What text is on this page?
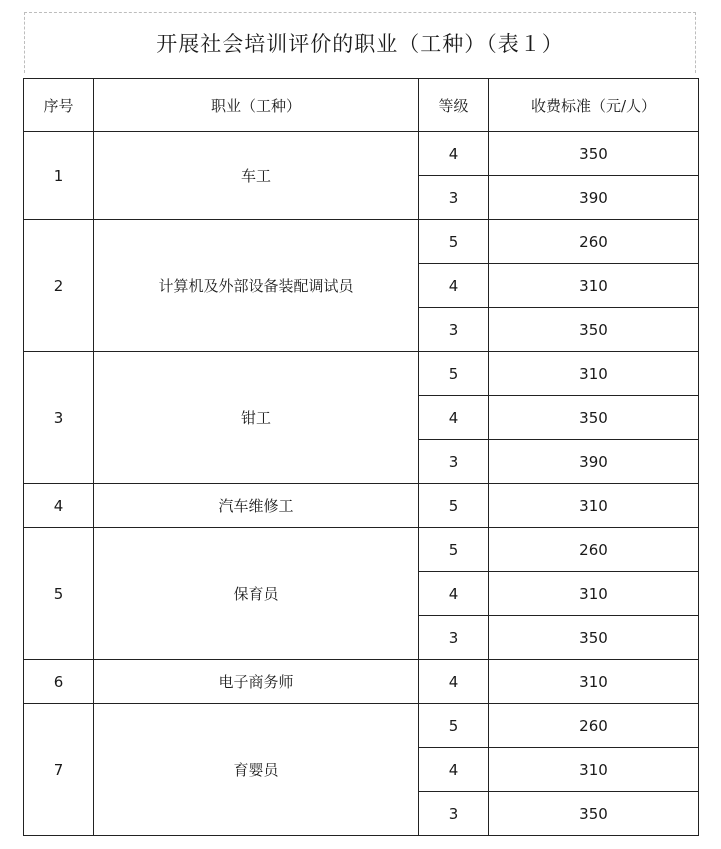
开展社会培训评价的职业（工种）（表１）
序号	职业（工种）	等级	收费标准（元/人）
1	车工	4	350
		3	390
2	计算机及外部设备装配调试员	5	260
		4	310
		3	350
3	钳工	5	310
		4	350
		3	390
4	汽车维修工	5	310
5	保育员	5	260
		4	310
		3	350
6	电子商务师	4	310
7	育婴员	5	260
		4	310
		3	350
